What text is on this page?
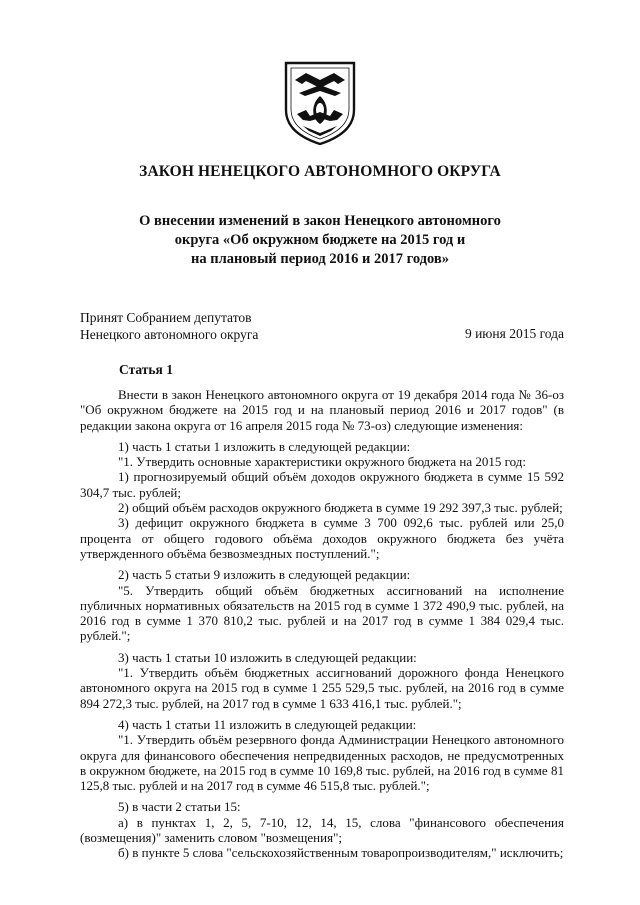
ЗАКОН НЕНЕЦКОГО АВТОНОМНОГО ОКРУГА
О внесении изменений в закон Ненецкого автономного
округа «Об окружном бюджете на 2015 год и
на плановый период 2016 и 2017 годов»
Принят Собранием депутатов
Ненецкого автономного округа	9 июня 2015 года
Статья 1

Внести в закон Ненецкого автономного округа от 19 декабря 2014 года № 36-оз "Об окружном бюджете на 2015 год и на плановый период 2016 и 2017 годов" (в редакции закона округа от 16 апреля 2015 года № 73-оз) следующие изменения:

1) часть 1 статьи 1 изложить в следующей редакции:

"1. Утвердить основные характеристики окружного бюджета на 2015 год:

1) прогнозируемый общий объём доходов окружного бюджета в сумме 15 592 304,7 тыс. рублей;

2) общий объём расходов окружного бюджета в сумме 19 292 397,3 тыс. рублей;

3) дефицит окружного бюджета в сумме 3 700 092,6 тыс. рублей или 25,0 процента от общего годового объёма доходов окружного бюджета без учёта утвержденного объёма безвозмездных поступлений.";

2) часть 5 статьи 9 изложить в следующей редакции:

"5. Утвердить общий объём бюджетных ассигнований на исполнение публичных нормативных обязательств на 2015 год в сумме 1 372 490,9 тыс. рублей, на 2016 год в сумме 1 370 810,2 тыс. рублей и на 2017 год в сумме 1 384 029,4 тыс. рублей.";

3) часть 1 статьи 10 изложить в следующей редакции:

"1. Утвердить объём бюджетных ассигнований дорожного фонда Ненецкого автономного округа на 2015 год в сумме 1 255 529,5 тыс. рублей, на 2016 год в сумме 894 272,3 тыс. рублей, на 2017 год в сумме 1 633 416,1 тыс. рублей.";

4) часть 1 статьи 11 изложить в следующей редакции:

"1. Утвердить объём резервного фонда Администрации Ненецкого автономного округа для финансового обеспечения непредвиденных расходов, не предусмотренных в окружном бюджете, на 2015 год в сумме 10 169,8 тыс. рублей, на 2016 год в сумме 81 125,8 тыс. рублей и на 2017 год в сумме 46 515,8 тыс. рублей.";

5) в части 2 статьи 15:

а) в пунктах 1, 2, 5, 7-10, 12, 14, 15, слова "финансового обеспечения (возмещения)" заменить словом "возмещения";

б) в пункте 5 слова "сельскохозяйственным товаропроизводителям," исключить;
